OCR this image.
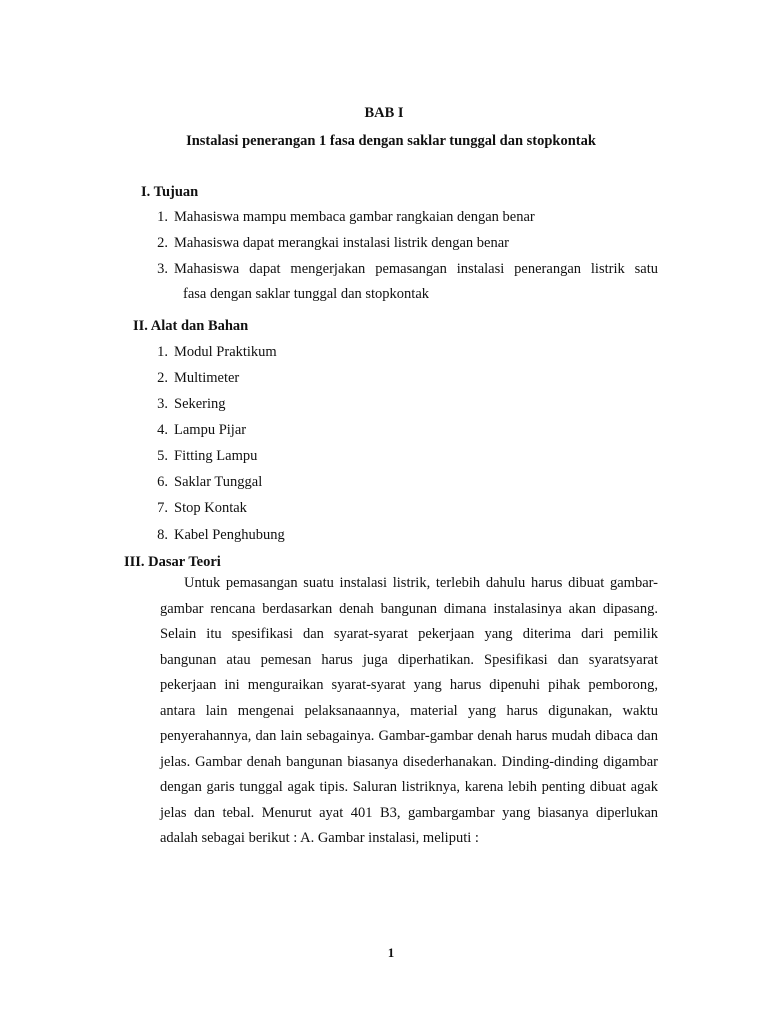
BAB I
Instalasi penerangan 1 fasa dengan saklar tunggal dan stopkontak
I. Tujuan
1. Mahasiswa mampu membaca gambar rangkaian dengan benar
2. Mahasiswa dapat merangkai instalasi listrik dengan benar
3. Mahasiswa dapat mengerjakan pemasangan instalasi penerangan listrik satu
fasa dengan saklar tunggal dan stopkontak
II. Alat dan Bahan
1. Modul Praktikum
2. Multimeter
3. Sekering
4. Lampu Pijar
5. Fitting Lampu
6. Saklar Tunggal
7. Stop Kontak
8. Kabel Penghubung
III. Dasar Teori
Untuk pemasangan suatu instalasi listrik, terlebih dahulu harus dibuat gambar-gambar rencana berdasarkan denah bangunan dimana instalasinya akan dipasang. Selain itu spesifikasi dan syarat-syarat pekerjaan yang diterima dari pemilik bangunan atau pemesan harus juga diperhatikan. Spesifikasi dan syaratsyarat pekerjaan ini menguraikan syarat-syarat yang harus dipenuhi pihak pemborong, antara lain mengenai pelaksanaannya, material yang harus digunakan, waktu penyerahannya, dan lain sebagainya. Gambar-gambar denah harus mudah dibaca dan jelas. Gambar denah bangunan biasanya disederhanakan. Dinding-dinding digambar dengan garis tunggal agak tipis. Saluran listriknya, karena lebih penting dibuat agak jelas dan tebal. Menurut ayat 401 B3, gambargambar yang biasanya diperlukan adalah sebagai berikut : A. Gambar instalasi, meliputi :
1
